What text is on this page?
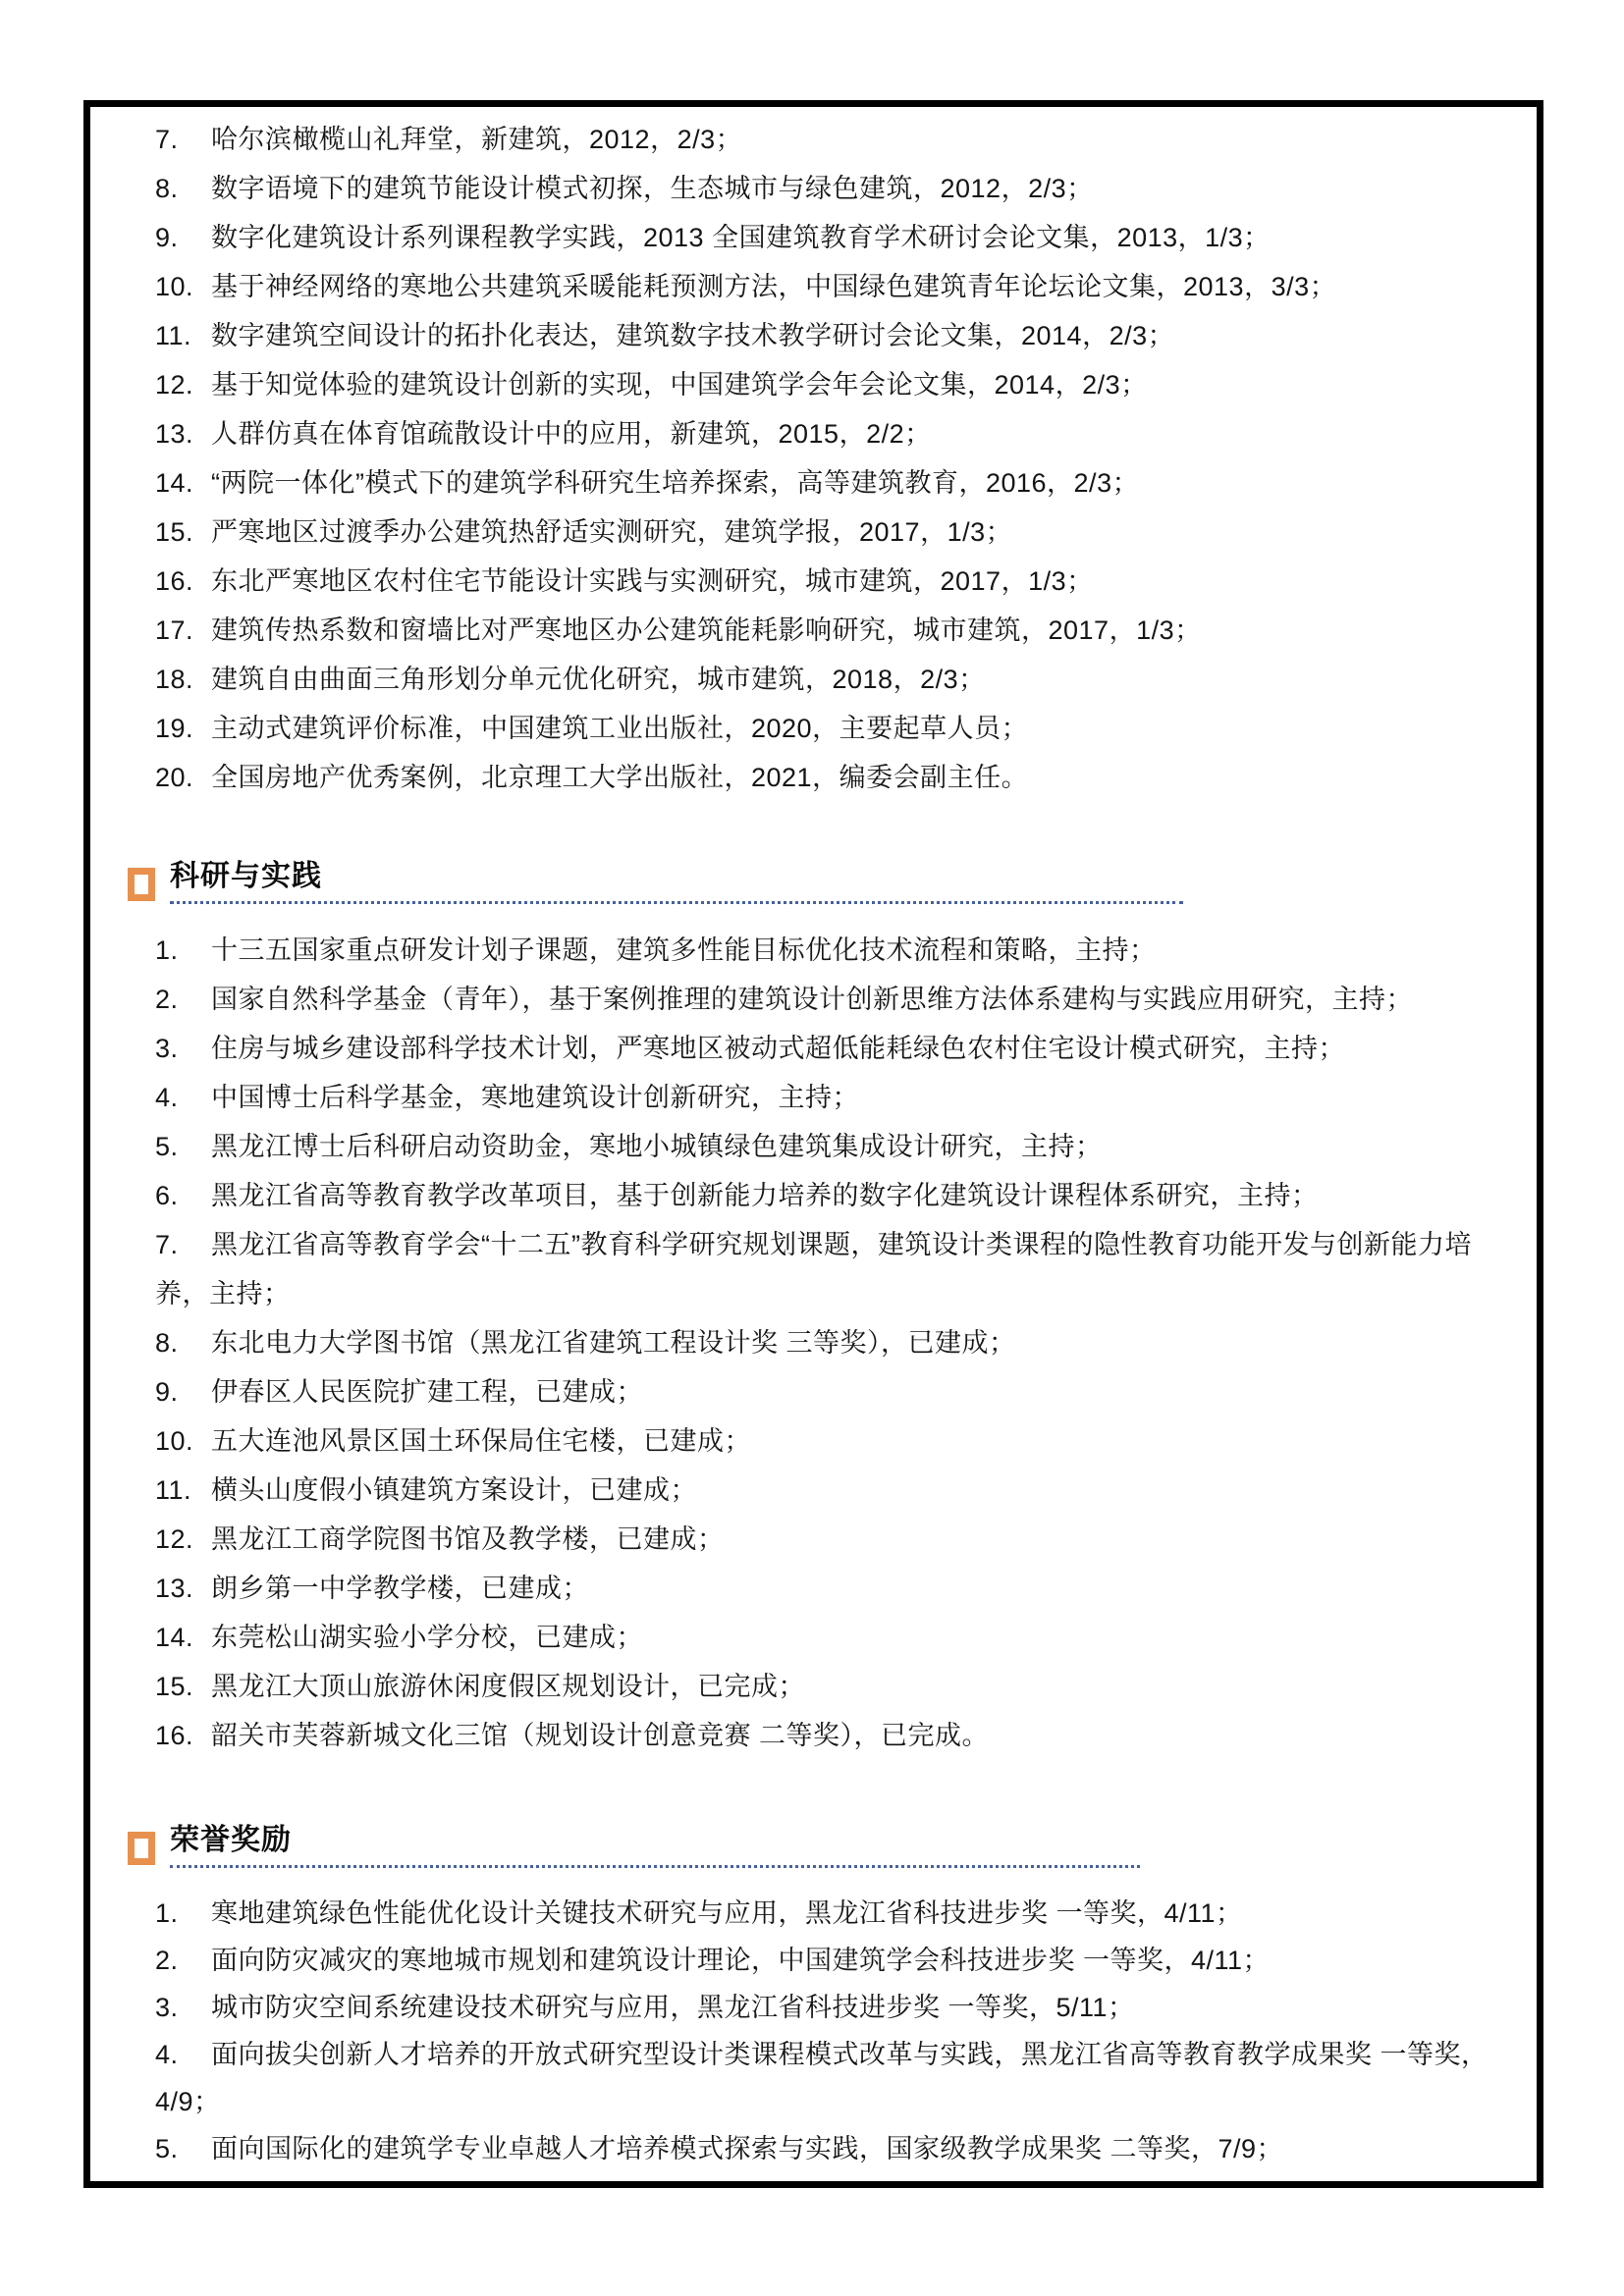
7. 哈尔滨橄榄山礼拜堂，新建筑，2012，2/3；
8. 数字语境下的建筑节能设计模式初探，生态城市与绿色建筑，2012，2/3；
9. 数字化建筑设计系列课程教学实践，2013 全国建筑教育学术研讨会论文集，2013，1/3；
10. 基于神经网络的寒地公共建筑采暖能耗预测方法，中国绿色建筑青年论坛论文集，2013，3/3；
11. 数字建筑空间设计的拓扑化表达，建筑数字技术教学研讨会论文集，2014，2/3；
12. 基于知觉体验的建筑设计创新的实现，中国建筑学会年会论文集，2014，2/3；
13. 人群仿真在体育馆疏散设计中的应用，新建筑，2015，2/2；
14. “两院一体化”模式下的建筑学科研究生培养探索，高等建筑教育，2016，2/3；
15. 严寒地区过渡季办公建筑热舒适实测研究，建筑学报，2017，1/3；
16. 东北严寒地区农村住宅节能设计实践与实测研究，城市建筑，2017，1/3；
17. 建筑传热系数和窗墙比对严寒地区办公建筑能耗影响研究，城市建筑，2017，1/3；
18. 建筑自由曲面三角形划分单元优化研究，城市建筑，2018，2/3；
19. 主动式建筑评价标准，中国建筑工业出版社，2020，主要起草人员；
20. 全国房地产优秀案例，北京理工大学出版社，2021，编委会副主任。
科研与实践
1. 十三五国家重点研发计划子课题，建筑多性能目标优化技术流程和策略，主持；
2. 国家自然科学基金（青年），基于案例推理的建筑设计创新思维方法体系建构与实践应用研究，主持；
3. 住房与城乡建设部科学技术计划，严寒地区被动式超低能耗绿色农村住宅设计模式研究，主持；
4. 中国博士后科学基金，寒地建筑设计创新研究，主持；
5. 黑龙江博士后科研启动资助金，寒地小城镇绿色建筑集成设计研究，主持；
6. 黑龙江省高等教育教学改革项目，基于创新能力培养的数字化建筑设计课程体系研究，主持；
7. 黑龙江省高等教育学会“十二五”教育科学研究规划课题，建筑设计类课程的隐性教育功能开发与创新能力培养，主持；
8. 东北电力大学图书馆（黑龙江省建筑工程设计奖 三等奖），已建成；
9. 伊春区人民医院扩建工程，已建成；
10. 五大连池风景区国土环保局住宅楼，已建成；
11. 横头山度假小镇建筑方案设计，已建成；
12. 黑龙江工商学院图书馆及教学楼，已建成；
13. 朗乡第一中学教学楼，已建成；
14. 东莞松山湖实验小学分校，已建成；
15. 黑龙江大顶山旅游休闲度假区规划设计，已完成；
16. 韶关市芙蓉新城文化三馆（规划设计创意竞赛 二等奖），已完成。
荣誉奖励
1. 寒地建筑绿色性能优化设计关键技术研究与应用，黑龙江省科技进步奖 一等奖，4/11；
2. 面向防灾减灾的寒地城市规划和建筑设计理论，中国建筑学会科技进步奖 一等奖，4/11；
3. 城市防灾空间系统建设技术研究与应用，黑龙江省科技进步奖 一等奖，5/11；
4. 面向拔尖创新人才培养的开放式研究型设计类课程模式改革与实践，黑龙江省高等教育教学成果奖 一等奖，4/9；
5. 面向国际化的建筑学专业卓越人才培养模式探索与实践，国家级教学成果奖 二等奖，7/9；
